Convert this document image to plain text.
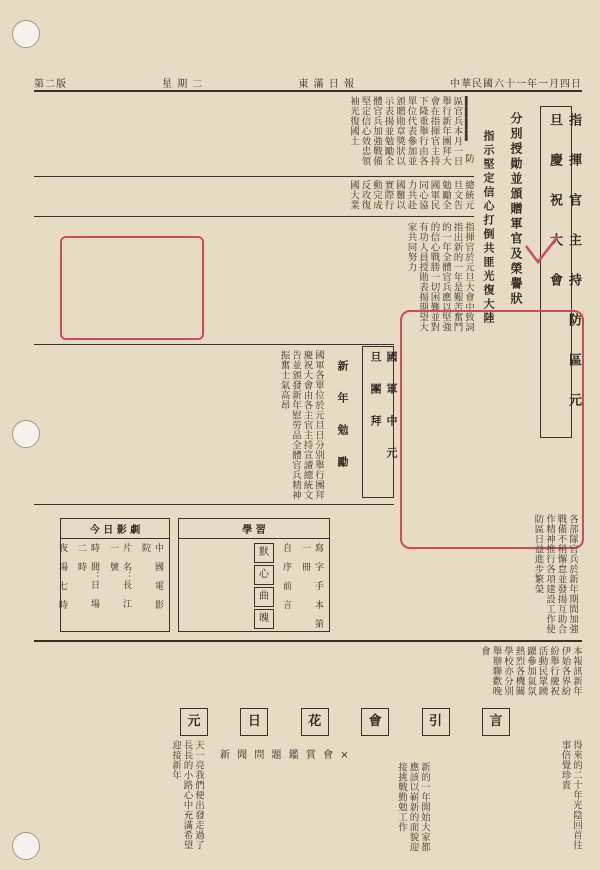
第二版	星 期 二	東 滿 日 報	中華民國六十一年一月四日
指 揮 官 主 持 防 區 元 旦 慶 祝 大 會
分別授勛並頒贈軍官及榮譽狀
指示堅定信心打倒共匪光復大陸
▍▍▍▍ 防區官兵本月一日舉行新年團拜大會在指揮官主持下隆重舉行由各單位代表參加並頒贈勛章獎狀以示表揚並勉勵全體官兵加強戰備堅定信心效忠領袖光復國土
總統元旦文告勉勵全國軍民同心協力共赴國難以實際行動完成反攻復國大業
指揮官於元旦大會中致詞指出新的一年是艱苦奮鬥的一年全體官兵應以堅強的信心戰勝一切困難並對有功人員授勛表揚期望大家共同努力
國 軍 中 元 旦 團 拜
新 年 勉 勵
國軍各單位於元旦日分別舉行團拜慶祝大會由各主官主持宣讀總統文告並頒發新年慰勞品全體官兵精神振奮士氣高昂
今 日 影 劇
中 國 電 影 院
片 名：長 江 一 號
時 間：日 場 二 時
夜 場 七 時
學 習
寫 字 手 本 第 一 冊
自 序 前 言
默
心
曲
魄	各部隊官兵於新年期間加強戰備不稍懈怠並發揚互助合作精神推行各項建設工作使防區日益進步繁榮
本報訊新年伊始各界紛紛舉行慶祝活動民眾踴躍參加氣氛熱烈各機關學校亦分別舉辦聯歡晚會
元	日	花	會	引	言
新 聞 問 題 鑑 賞 會 ×
天一亮我們便出發走過了長長的小路心中充滿希望迎接新年
新的一年開始大家都應該以嶄新的面貌迎接挑戰勤勉工作	得來的二十年光陰回首往事倍覺珍貴
